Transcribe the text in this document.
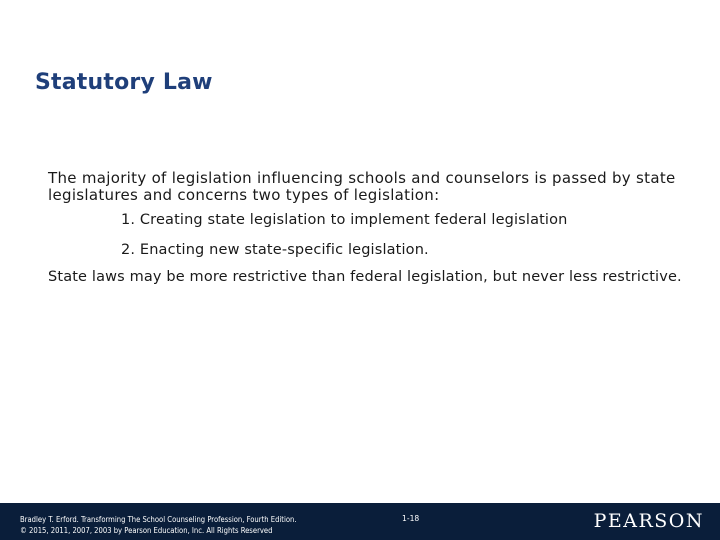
Statutory Law

The majority of legislation influencing schools and counselors is passed by state legislatures and concerns two types of legislation:

1. Creating state legislation to implement federal legislation
2. Enacting new state-specific legislation.

State laws may be more restrictive than federal legislation, but never less restrictive.

Bradley T. Erford. Transforming The School Counseling Profession, Fourth Edition.
© 2015, 2011, 2007, 2003 by Pearson Education, Inc. All Rights Reserved
1-18	PEARSON
